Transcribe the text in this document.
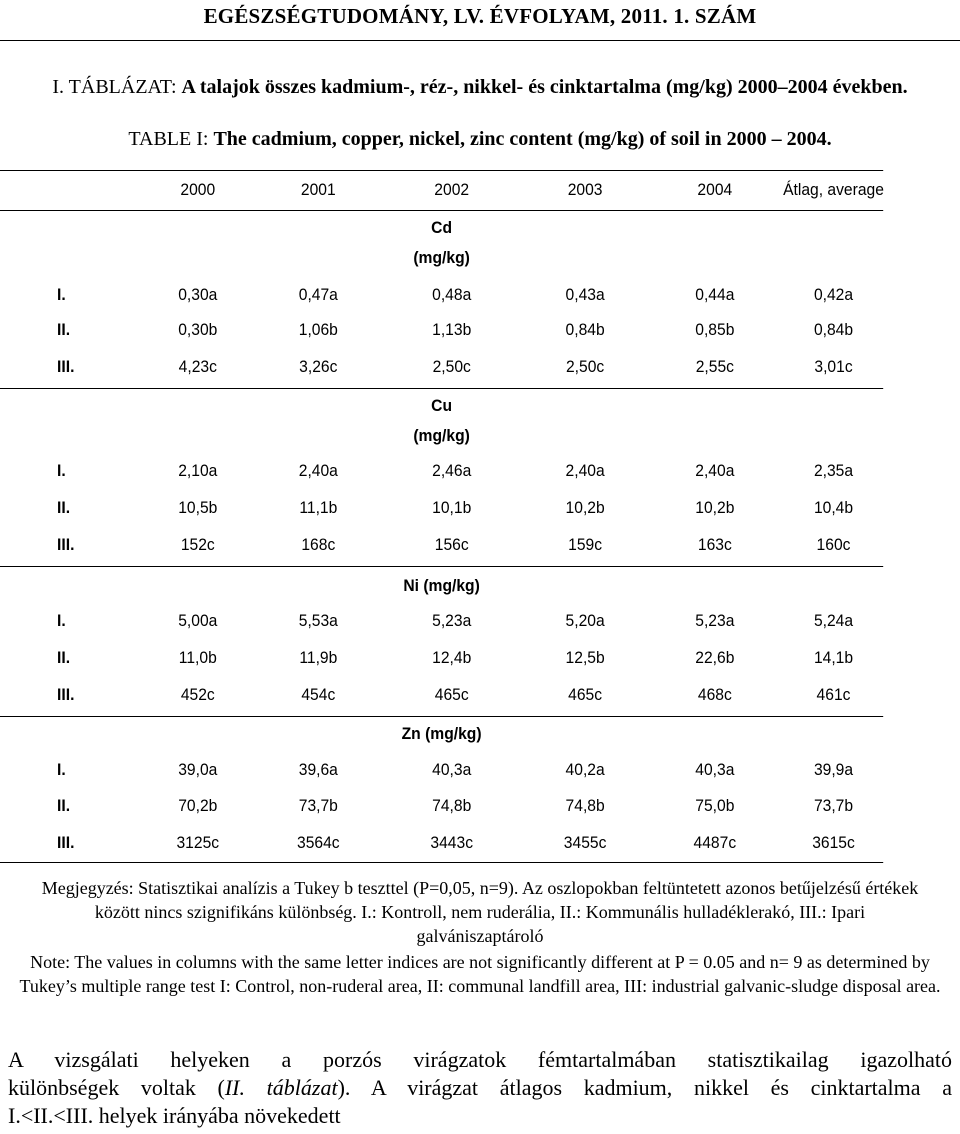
EGÉSZSÉGTUDOMÁNY, LV. ÉVFOLYAM, 2011. 1. SZÁM
I. TÁBLÁZAT: A talajok összes kadmium-, réz-, nikkel- és cinktartalma (mg/kg) 2000–2004 években.
TABLE I: The cadmium, copper, nickel, zinc content (mg/kg) of soil in 2000 – 2004.
2000	2001	2002	2003	2004	Átlag, average
Cd
(mg/kg)
I.	0,30a	0,47a	0,48a	0,43a	0,44a	0,42a
II.	0,30b	1,06b	1,13b	0,84b	0,85b	0,84b
III.	4,23c	3,26c	2,50c	2,50c	2,55c	3,01c
Cu
(mg/kg)
I.	2,10a	2,40a	2,46a	2,40a	2,40a	2,35a
II.	10,5b	11,1b	10,1b	10,2b	10,2b	10,4b
III.	152c	168c	156c	159c	163c	160c
Ni (mg/kg)
I.	5,00a	5,53a	5,23a	5,20a	5,23a	5,24a
II.	11,0b	11,9b	12,4b	12,5b	22,6b	14,1b
III.	452c	454c	465c	465c	468c	461c
Zn (mg/kg)
I.	39,0a	39,6a	40,3a	40,2a	40,3a	39,9a
II.	70,2b	73,7b	74,8b	74,8b	75,0b	73,7b
III.	3125c	3564c	3443c	3455c	4487c	3615c
Megjegyzés: Statisztikai analízis a Tukey b teszttel (P=0,05, n=9). Az oszlopokban feltüntetett azonos betűjelzésű értékek között nincs szignifikáns különbség. I.: Kontroll, nem ruderália, II.: Kommunális hulladéklerakó, III.: Ipari galvániszaptároló
Note: The values in columns with the same letter indices are not significantly different at P = 0.05 and n= 9 as determined by Tukey’s multiple range test I: Control, non-ruderal area, II: communal landfill area, III: industrial galvanic-sludge disposal area.
A vizsgálati helyeken a porzós virágzatok fémtartalmában statisztikailag igazolható
különbségek voltak (II. táblázat). A virágzat átlagos kadmium, nikkel és cinktartalma a
I.<II.<III. helyek irányába növekedett
